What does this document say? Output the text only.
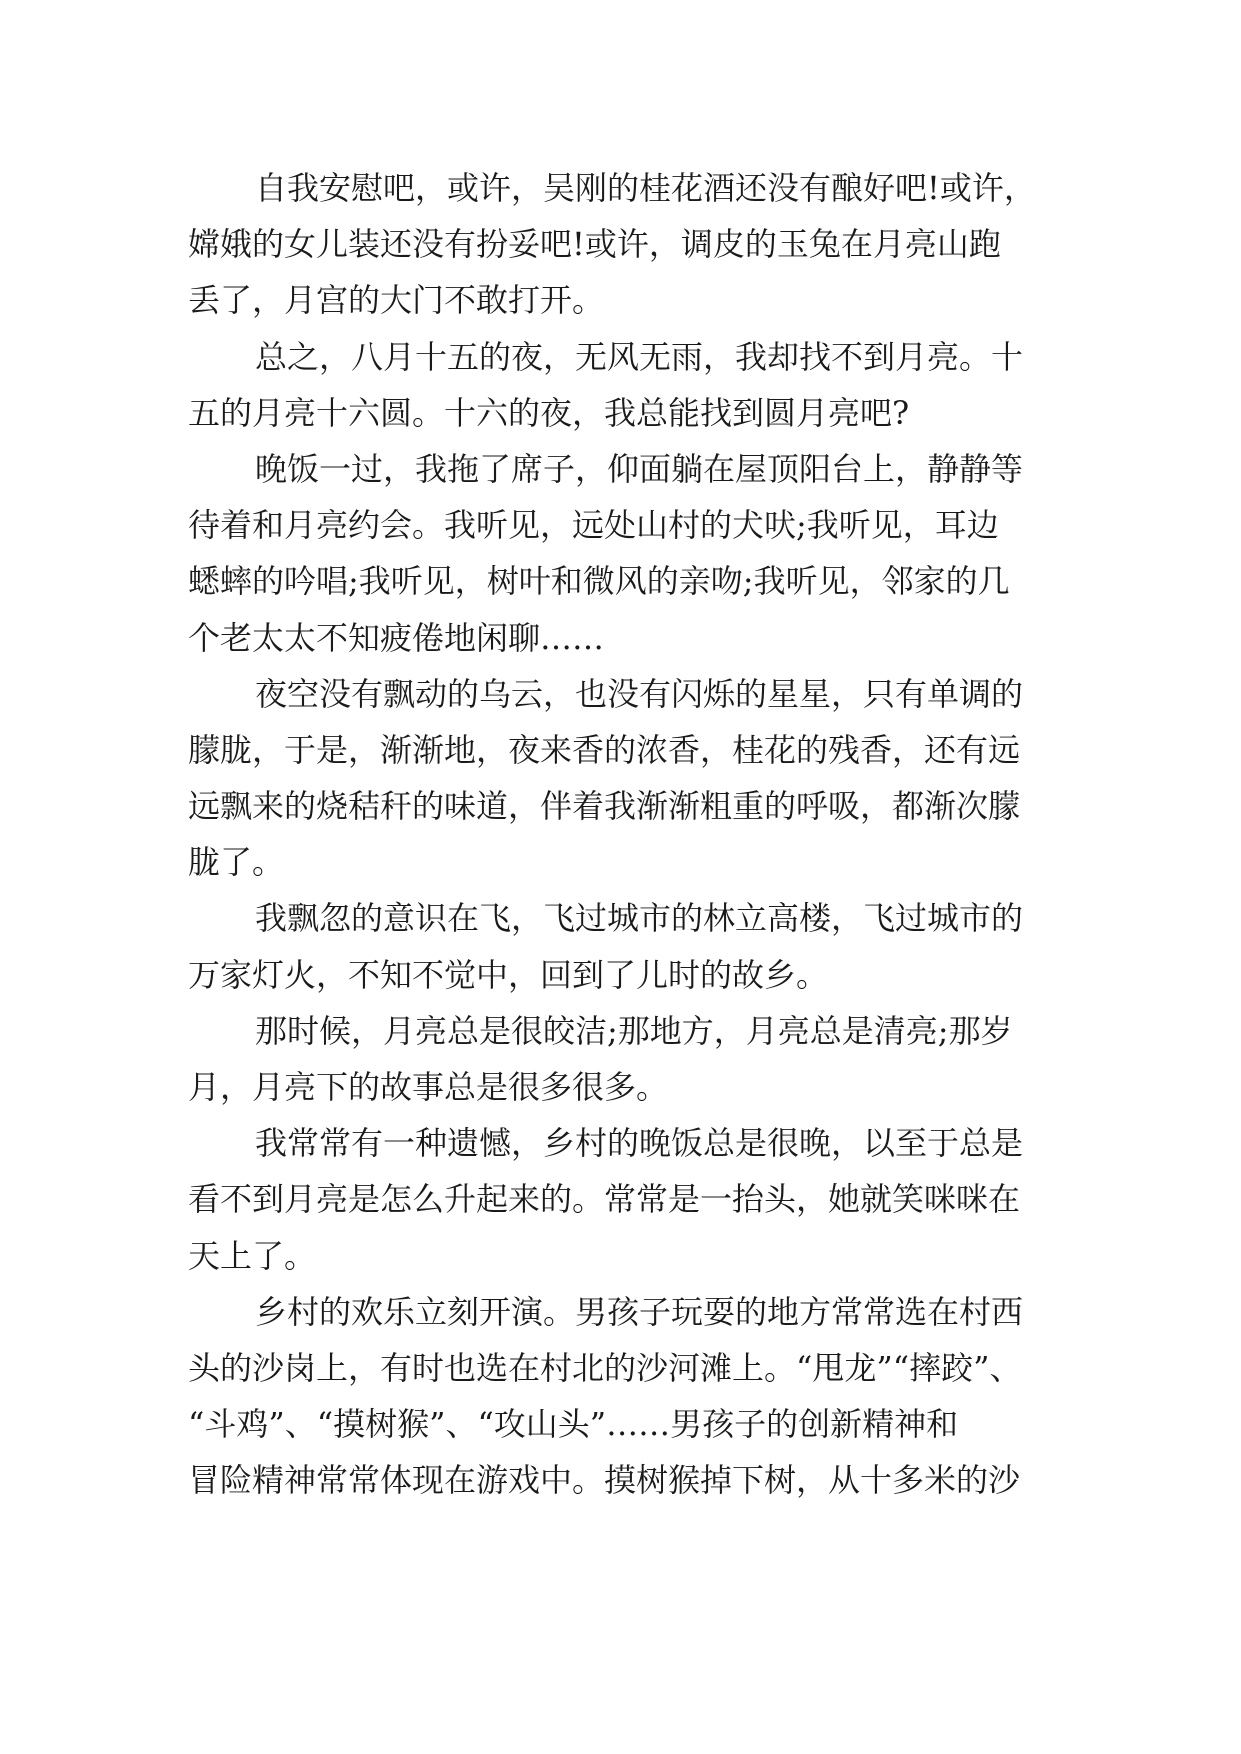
自我安慰吧，或许，吴刚的桂花酒还没有酿好吧!或许，
嫦娥的女儿装还没有扮妥吧!或许，调皮的玉兔在月亮山跑
丢了，月宫的大门不敢打开。
总之，八月十五的夜，无风无雨，我却找不到月亮。十
五的月亮十六圆。十六的夜，我总能找到圆月亮吧?
晚饭一过，我拖了席子，仰面躺在屋顶阳台上，静静等
待着和月亮约会。我听见，远处山村的犬吠;我听见，耳边
蟋蟀的吟唱;我听见，树叶和微风的亲吻;我听见，邻家的几
个老太太不知疲倦地闲聊……
夜空没有飘动的乌云，也没有闪烁的星星，只有单调的
朦胧，于是，渐渐地，夜来香的浓香，桂花的残香，还有远
远飘来的烧秸秆的味道，伴着我渐渐粗重的呼吸，都渐次朦
胧了。
我飘忽的意识在飞，飞过城市的林立高楼，飞过城市的
万家灯火，不知不觉中，回到了儿时的故乡。
那时候，月亮总是很皎洁;那地方，月亮总是清亮;那岁
月，月亮下的故事总是很多很多。
我常常有一种遗憾，乡村的晚饭总是很晚，以至于总是
看不到月亮是怎么升起来的。常常是一抬头，她就笑咪咪在
天上了。
乡村的欢乐立刻开演。男孩子玩耍的地方常常选在村西
头的沙岗上，有时也选在村北的沙河滩上。“甩龙”“摔跤”、
“斗鸡”、“摸树猴”、“攻山头”……男孩子的创新精神和
冒险精神常常体现在游戏中。摸树猴掉下树，从十多米的沙
